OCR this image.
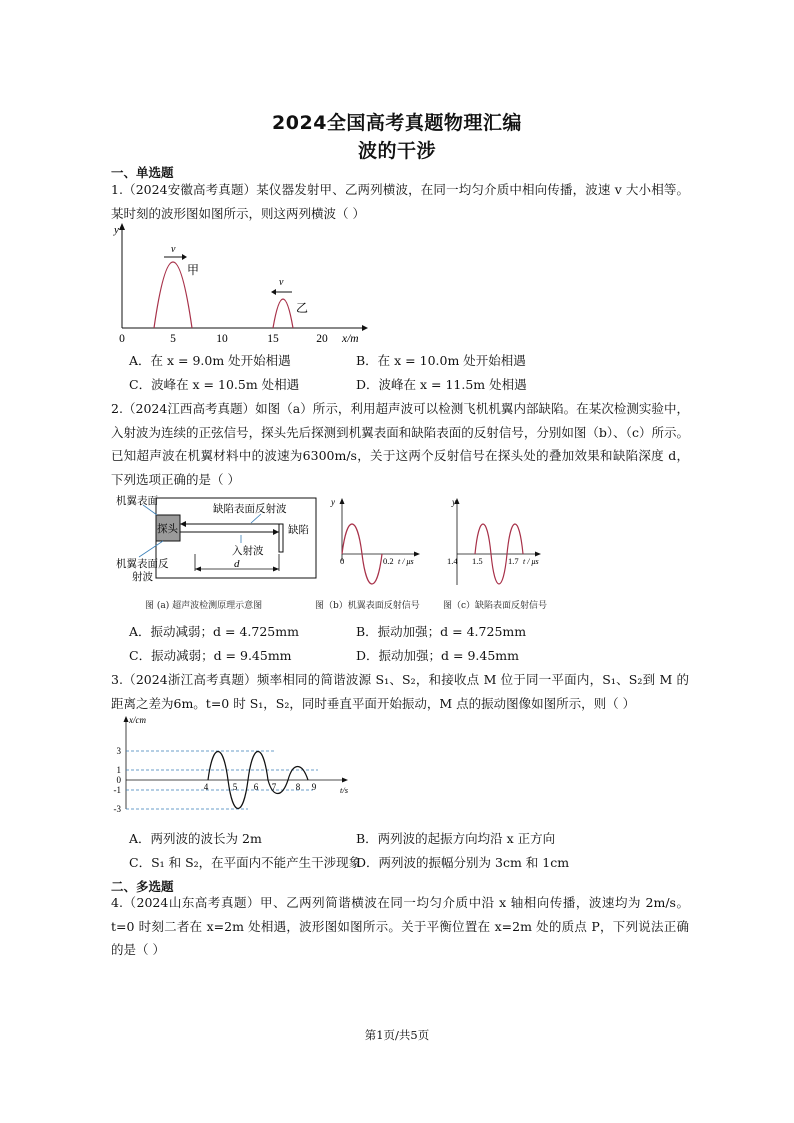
2024全国高考真题物理汇编
波的干涉
一、单选题
1.（2024安徽高考真题）某仪器发射甲、乙两列横波，在同一均匀介质中相向传播，波速 v 大小相等。某时刻的波形图如图所示，则这两列横波（ ）
y
v
甲
v
乙
0	5	10	15	20 x/m
A．在 x = 9.0m 处开始相遇	B．在 x = 10.0m 处开始相遇
C．波峰在 x = 10.5m 处相遇	D．波峰在 x = 11.5m 处相遇
2.（2024江西高考真题）如图（a）所示，利用超声波可以检测飞机机翼内部缺陷。在某次检测实验中，入射波为连续的正弦信号，探头先后探测到机翼表面和缺陷表面的反射信号，分别如图（b）、（c）所示。已知超声波在机翼材料中的波速为6300m/s，关于这两个反射信号在探头处的叠加效果和缺陷深度 d，下列选项正确的是（ ）
探头	缺陷
机翼表面
缺陷表面反射波
入射波
机翼表面反
射波
d
图 (a) 超声波检测原理示意图
y
0	0.2 t / μs
图（b）机翼表面反射信号
y
1.4 1.5	1.7 t / μs
图（c）缺陷表面反射信号
A．振动减弱；d = 4.725mm	B．振动加强；d = 4.725mm
C．振动减弱；d = 9.45mm	D．振动加强；d = 9.45mm
3.（2024浙江高考真题）频率相同的简谐波源 S₁、S₂，和接收点 M 位于同一平面内，S₁、S₂到 M 的距离之差为6m。t=0 时 S₁，S₂，同时垂直平面开始振动，M 点的振动图像如图所示，则（ ）
x/cm
3
1
0
-1
-3
4	5 6 7 8 9	t/s
A．两列波的波长为 2m	B．两列波的起振方向均沿 x 正方向
C．S₁ 和 S₂，在平面内不能产生干涉现象
D．两列波的振幅分别为 3cm 和 1cm
二、多选题
4.（2024山东高考真题）甲、乙两列简谐横波在同一均匀介质中沿 x 轴相向传播，波速均为 2m/s。t=0 时刻二者在 x=2m 处相遇，波形图如图所示。关于平衡位置在 x=2m 处的质点 P，下列说法正确的是（ ）
第1页/共5页
